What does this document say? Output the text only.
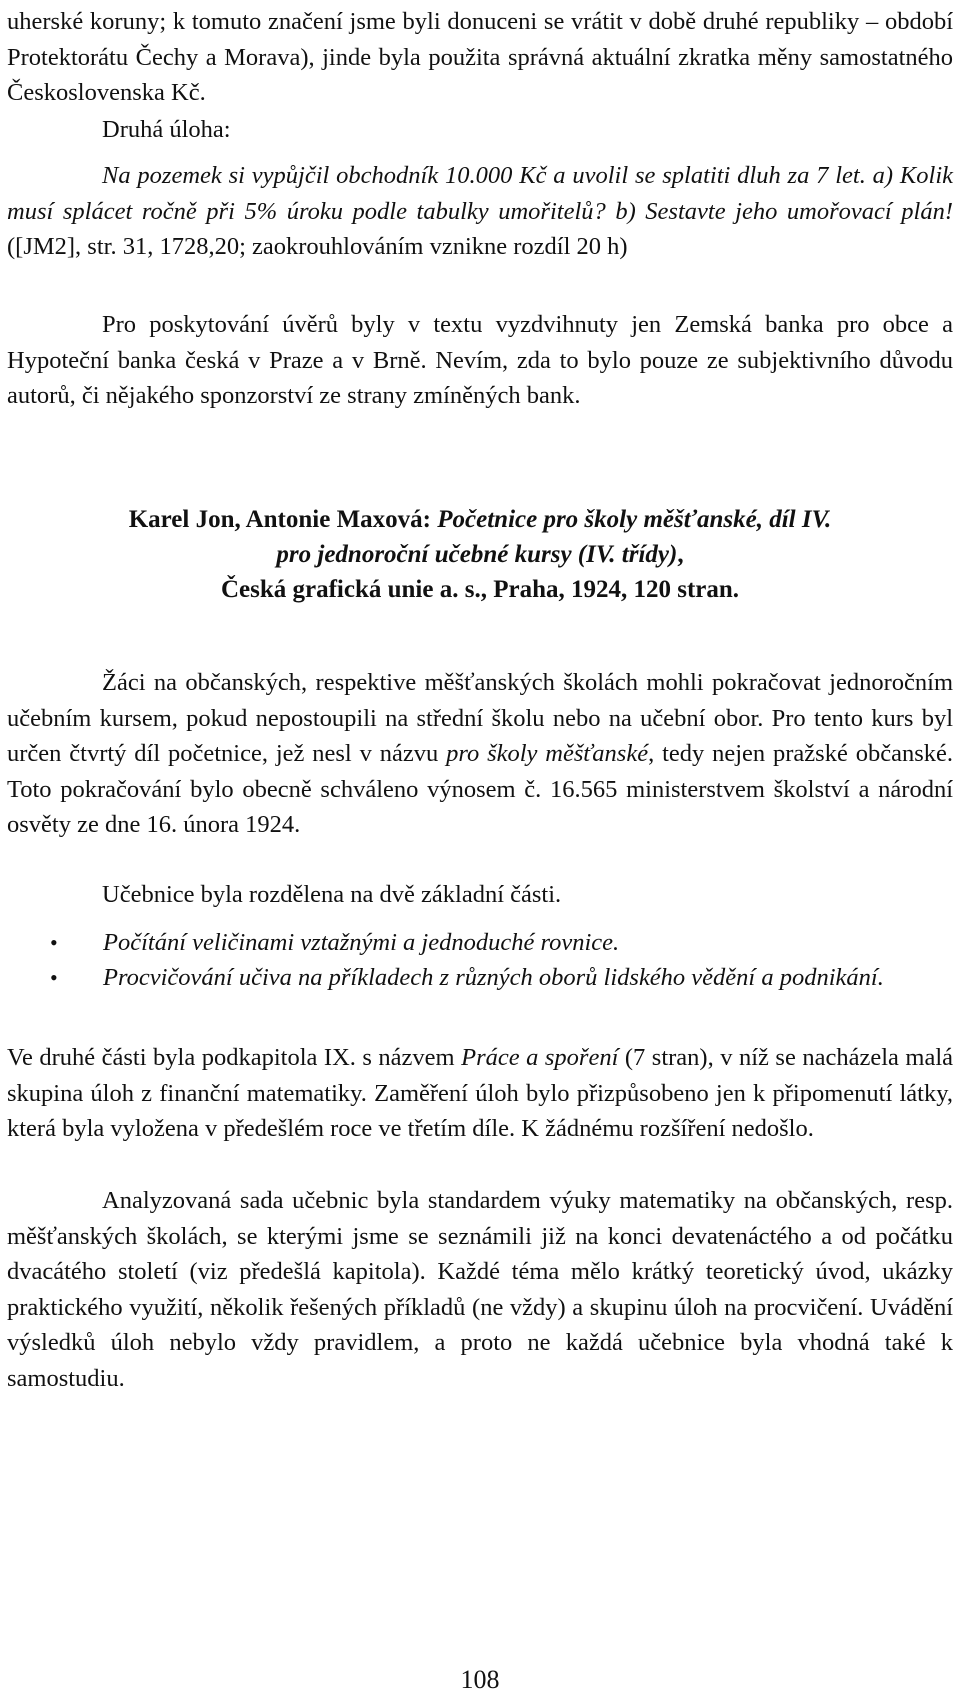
uherské koruny; k tomuto značení jsme byli donuceni se vrátit v době druhé republiky – období Protektorátu Čechy a Morava), jinde byla použita správná aktuální zkratka měny samostatného Československa Kč.

Druhá úloha:

Na pozemek si vypůjčil obchodník 10.000 Kč a uvolil se splatiti dluh za 7 let. a) Kolik musí splácet ročně při 5% úroku podle tabulky umořitelů? b) Sestavte jeho umořovací plán! ([JM2], str. 31, 1728,20; zaokrouhlováním vznikne rozdíl 20 h)

Pro poskytování úvěrů byly v textu vyzdvihnuty jen Zemská banka pro obce a Hypoteční banka česká v Praze a v Brně. Nevím, zda to bylo pouze ze subjektivního důvodu autorů, či nějakého sponzorství ze strany zmíněných bank.

Karel Jon, Antonie Maxová: Početnice pro školy měšťanské, díl IV.

pro jednoroční učebné kursy (IV. třídy),

Česká grafická unie a. s., Praha, 1924, 120 stran.

Žáci na občanských, respektive měšťanských školách mohli pokračovat jednoročním učebním kursem, pokud nepostoupili na střední školu nebo na učební obor. Pro tento kurs byl určen čtvrtý díl početnice, jež nesl v názvu pro školy měšťanské, tedy nejen pražské občanské. Toto pokračování bylo obecně schváleno výnosem č. 16.565 ministerstvem školství a národní osvěty ze dne 16. února 1924.

Učebnice byla rozdělena na dvě základní části.

• Počítání veličinami vztažnými a jednoduché rovnice.
• Procvičování učiva na příkladech z různých oborů lidského vědění a podnikání.

Ve druhé části byla podkapitola IX. s názvem Práce a spoření (7 stran), v níž se nacházela malá skupina úloh z finanční matematiky. Zaměření úloh bylo přizpůsobeno jen k připomenutí látky, která byla vyložena v předešlém roce ve třetím díle. K žádnému rozšíření nedošlo.

Analyzovaná sada učebnic byla standardem výuky matematiky na občanských, resp. měšťanských školách, se kterými jsme se seznámili již na konci devatenáctého a od počátku dvacátého století (viz předešlá kapitola). Každé téma mělo krátký teoretický úvod, ukázky praktického využití, několik řešených příkladů (ne vždy) a skupinu úloh na procvičení. Uvádění výsledků úloh nebylo vždy pravidlem, a proto ne každá učebnice byla vhodná také k samostudiu.

108
